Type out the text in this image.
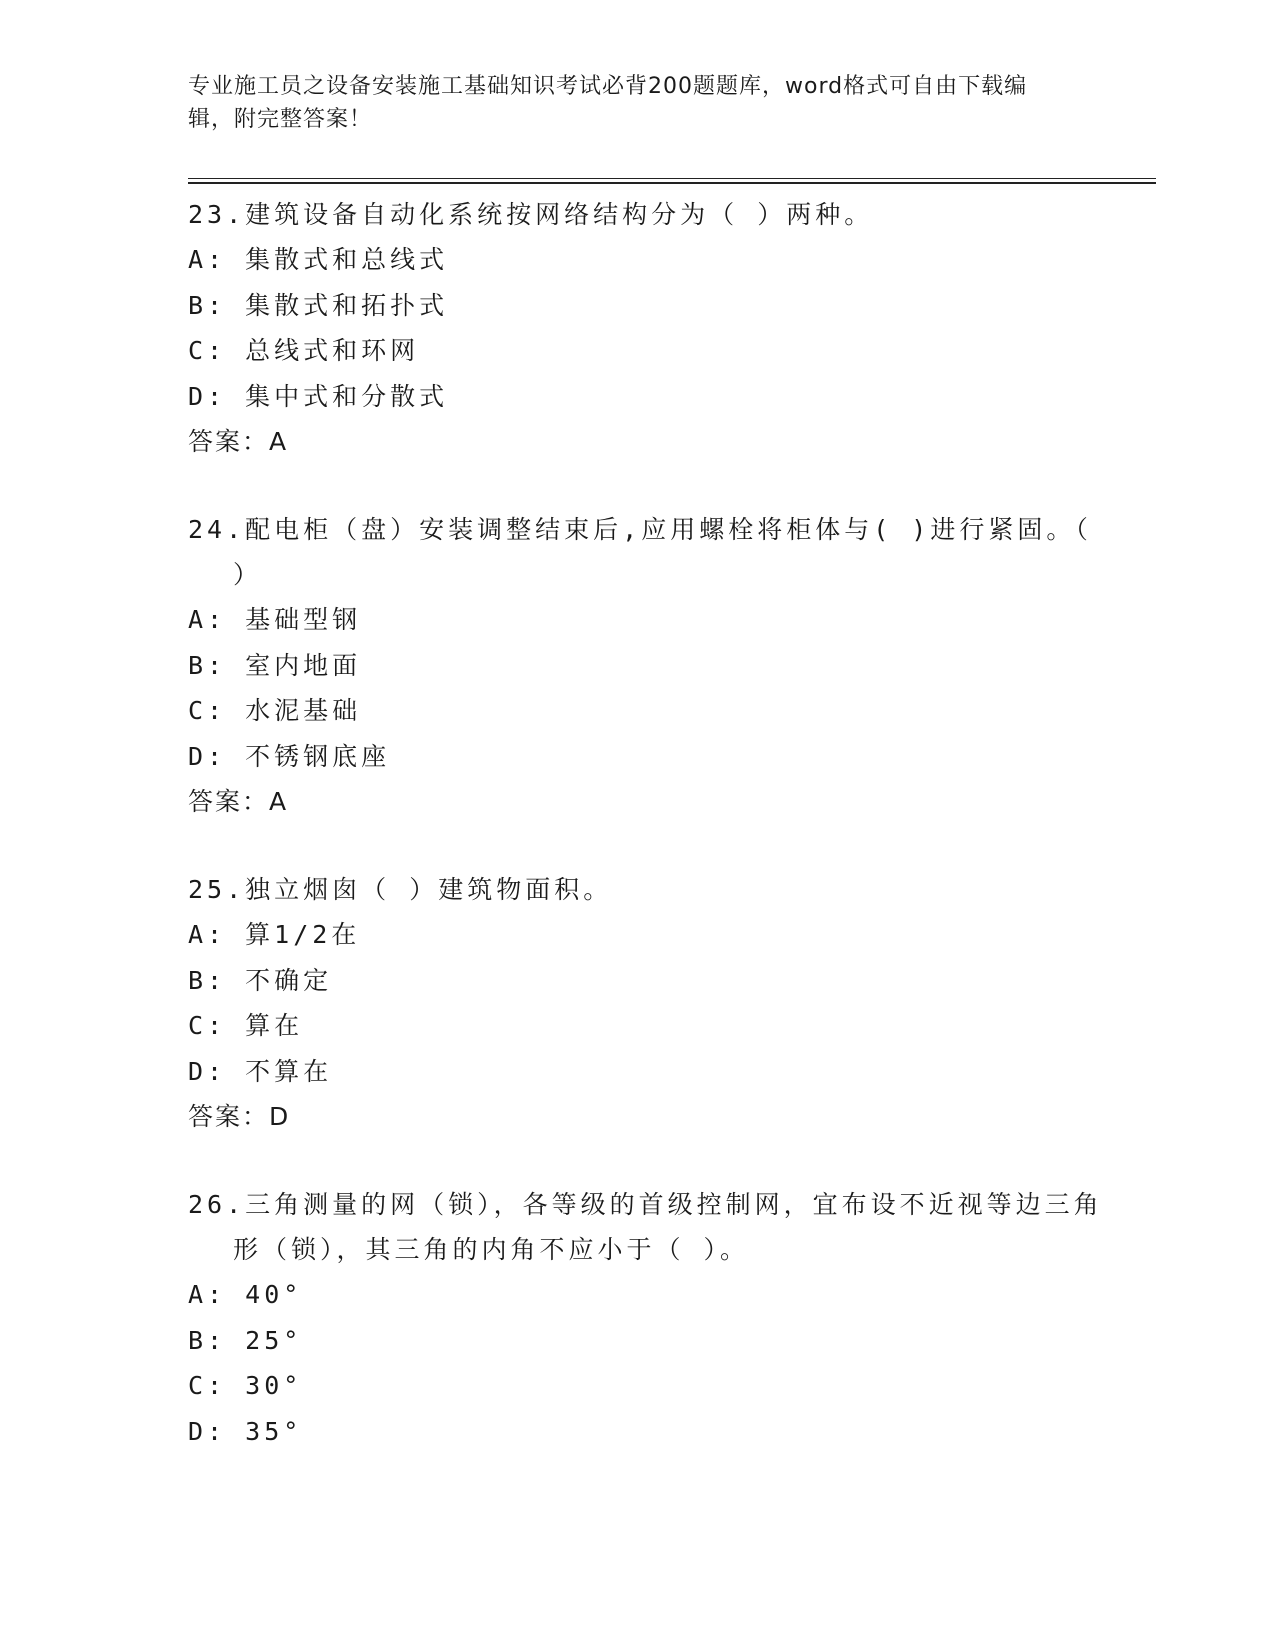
专业施工员之设备安装施工基础知识考试必背200题题库，word格式可自由下载编辑，附完整答案！
23.建筑设备自动化系统按网络结构分为（ ）两种。
A: 集散式和总线式
B: 集散式和拓扑式
C: 总线式和环网
D: 集中式和分散式
答案：A
24.配电柜（盘）安装调整结束后,应用螺栓将柜体与( )进行紧固。（ ）
A: 基础型钢
B: 室内地面
C: 水泥基础
D: 不锈钢底座
答案：A
25.独立烟囱（ ）建筑物面积。
A: 算1/2在
B: 不确定
C: 算在
D: 不算在
答案：D
26.三角测量的网（锁），各等级的首级控制网，宜布设不近视等边三角形（锁），其三角的内角不应小于（ ）。
A: 40°
B: 25°
C: 30°
D: 35°
